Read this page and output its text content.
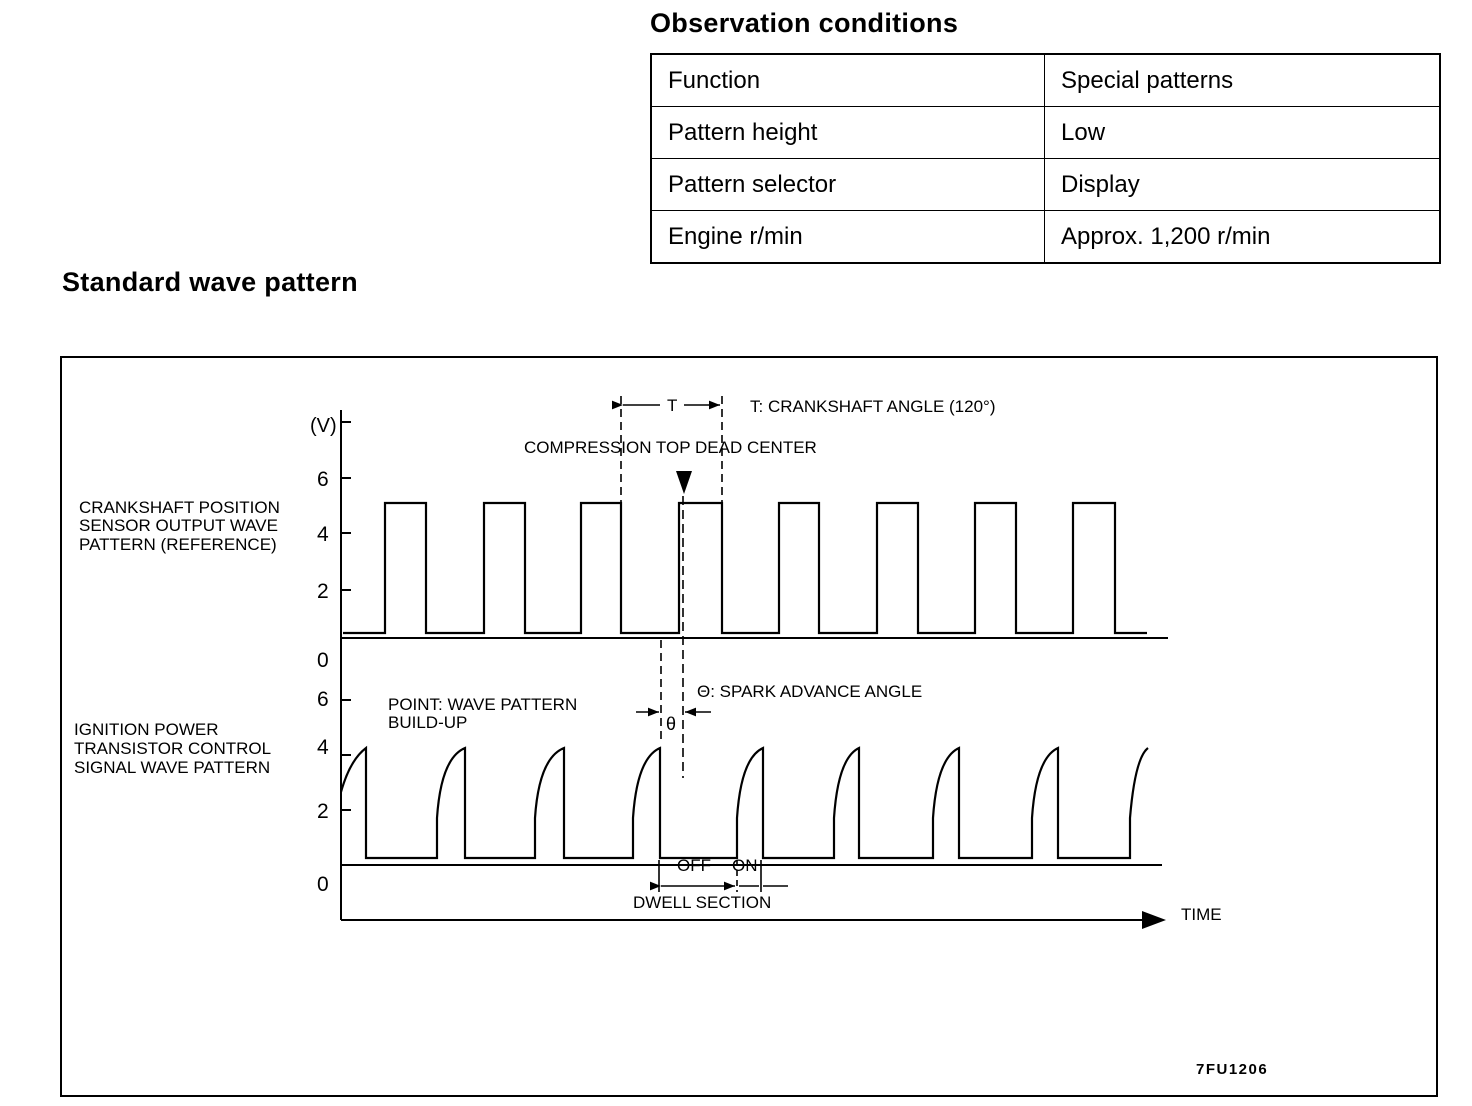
Observation conditions
Function	Special patterns
Pattern height	Low
Pattern selector	Display
Engine r/min	Approx. 1,200 r/min
Standard wave pattern
(V)
6
4
2
0
6
4
2
0
CRANKSHAFT POSITION SENSOR OUTPUT WAVE PATTERN (REFERENCE)
IGNITION POWER TRANSISTOR CONTROL SIGNAL WAVE PATTERN
T	T: CRANKSHAFT ANGLE (120°)
COMPRESSION TOP DEAD CENTER
θ
Θ: SPARK ADVANCE ANGLE
POINT: WAVE PATTERN BUILD-UP
OFF ON
DWELL SECTION
TIME
7FU1206
